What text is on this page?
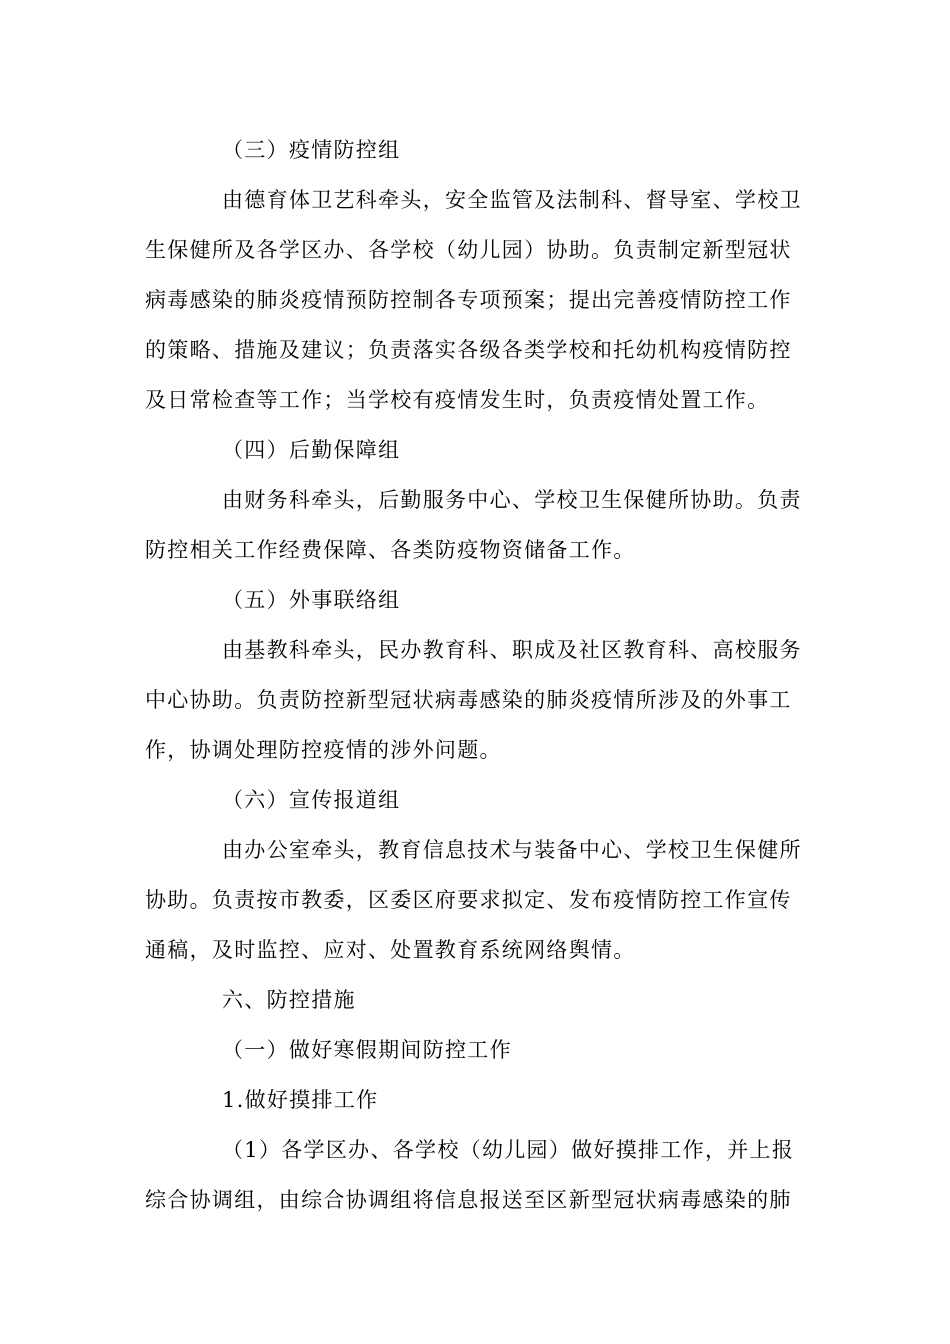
（三）疫情防控组
由德育体卫艺科牵头，安全监管及法制科、督导室、学校卫
生保健所及各学区办、各学校（幼儿园）协助。负责制定新型冠状
病毒感染的肺炎疫情预防控制各专项预案；提出完善疫情防控工作
的策略、措施及建议；负责落实各级各类学校和托幼机构疫情防控
及日常检查等工作；当学校有疫情发生时，负责疫情处置工作。
（四）后勤保障组
由财务科牵头，后勤服务中心、学校卫生保健所协助。负责
防控相关工作经费保障、各类防疫物资储备工作。
（五）外事联络组
由基教科牵头，民办教育科、职成及社区教育科、高校服务
中心协助。负责防控新型冠状病毒感染的肺炎疫情所涉及的外事工
作，协调处理防控疫情的涉外问题。
（六）宣传报道组
由办公室牵头，教育信息技术与装备中心、学校卫生保健所
协助。负责按市教委，区委区府要求拟定、发布疫情防控工作宣传
通稿，及时监控、应对、处置教育系统网络舆情。
六、防控措施
（一）做好寒假期间防控工作
1.做好摸排工作
（1）各学区办、各学校（幼儿园）做好摸排工作，并上报
综合协调组，由综合协调组将信息报送至区新型冠状病毒感染的肺
